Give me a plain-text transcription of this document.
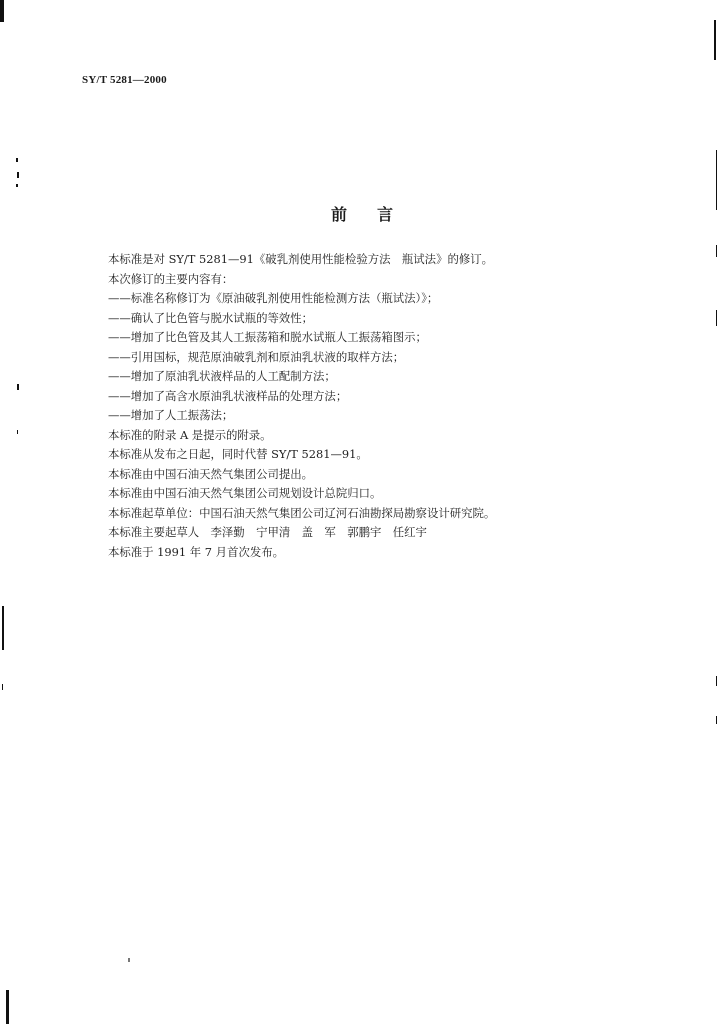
SY/T 5281—2000
前 言
本标准是对 SY/T 5281—91《破乳剂使用性能检验方法　瓶试法》的修订。
本次修订的主要内容有：
——标准名称修订为《原油破乳剂使用性能检测方法（瓶试法）》；
——确认了比色管与脱水试瓶的等效性；
——增加了比色管及其人工振荡箱和脱水试瓶人工振荡箱图示；
——引用国标，规范原油破乳剂和原油乳状液的取样方法；
——增加了原油乳状液样品的人工配制方法；
——增加了高含水原油乳状液样品的处理方法；
——增加了人工振荡法；
本标准的附录 A 是提示的附录。
本标准从发布之日起，同时代替 SY/T 5281—91。
本标准由中国石油天然气集团公司提出。
本标准由中国石油天然气集团公司规划设计总院归口。
本标准起草单位：中国石油天然气集团公司辽河石油勘探局勘察设计研究院。
本标准主要起草人　李泽勤　宁甲清　盖　军　郭鹏宇　任红宇
本标准于 1991 年 7 月首次发布。
